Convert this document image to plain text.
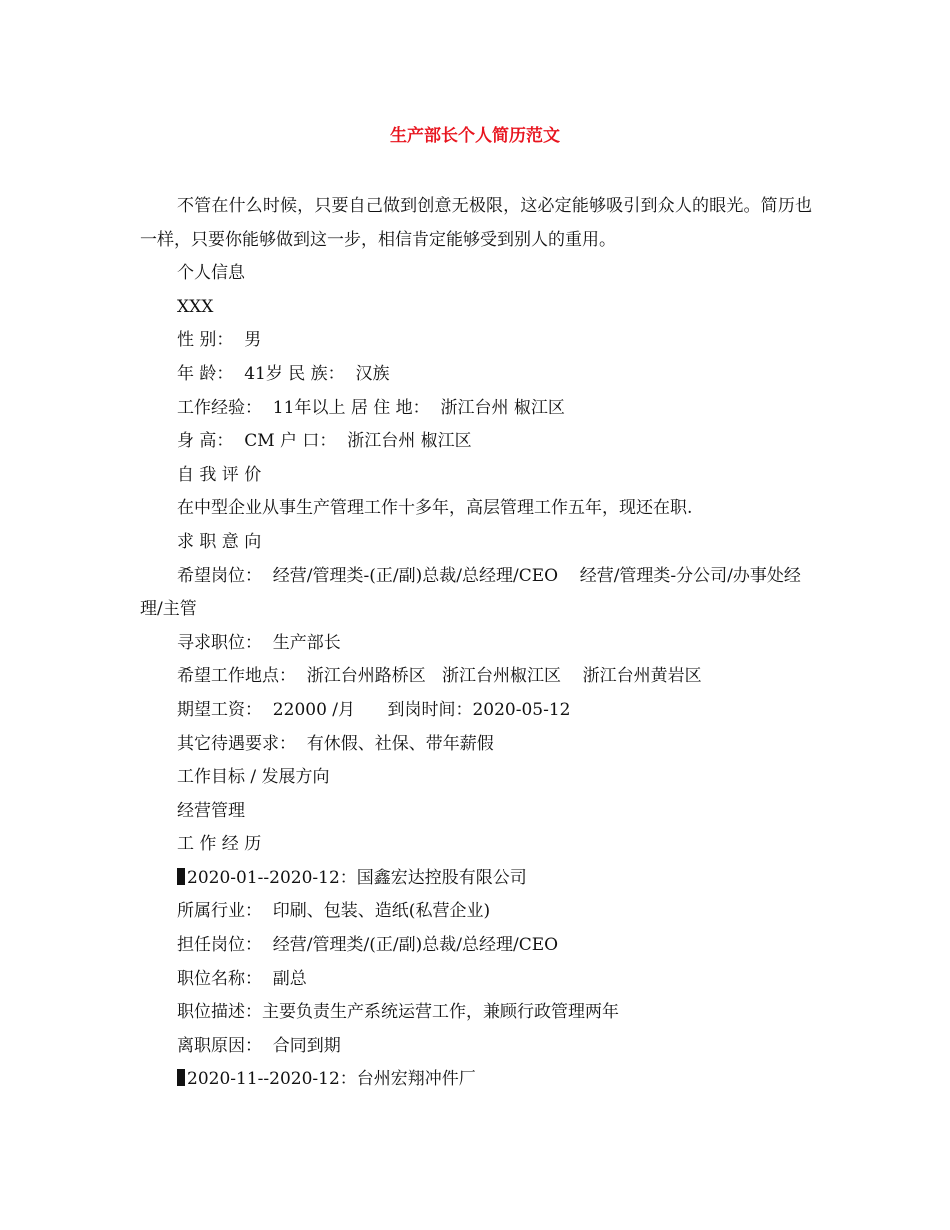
生产部长个人简历范文

不管在什么时候，只要自己做到创意无极限，这必定能够吸引到众人的眼光。简历也一样，只要你能够做到这一步，相信肯定能够受到别人的重用。

个人信息

XXX

性 别：  男

年 龄：  41岁 民 族：  汉族

工作经验：  11年以上 居 住 地：  浙江台州 椒江区

身 高：  CM 户 口：  浙江台州 椒江区

自 我 评 价

在中型企业从事生产管理工作十多年，高层管理工作五年，现还在职.

求 职 意 向

希望岗位：  经营/管理类-(正/副)总裁/总经理/CEO    经营/管理类-分公司/办事处经理/主管

寻求职位：  生产部长

希望工作地点：  浙江台州路桥区   浙江台州椒江区    浙江台州黄岩区

期望工资：  22000 /月      到岗时间：2020-05-12

其它待遇要求：  有休假、社保、带年薪假

工作目标 / 发展方向

经营管理

工 作 经 历

2020-01--2020-12：国鑫宏达控股有限公司

所属行业：  印刷、包装、造纸(私营企业)

担任岗位：  经营/管理类/(正/副)总裁/总经理/CEO

职位名称：  副总

职位描述：主要负责生产系统运营工作，兼顾行政管理两年

离职原因：  合同到期

2020-11--2020-12：台州宏翔冲件厂
